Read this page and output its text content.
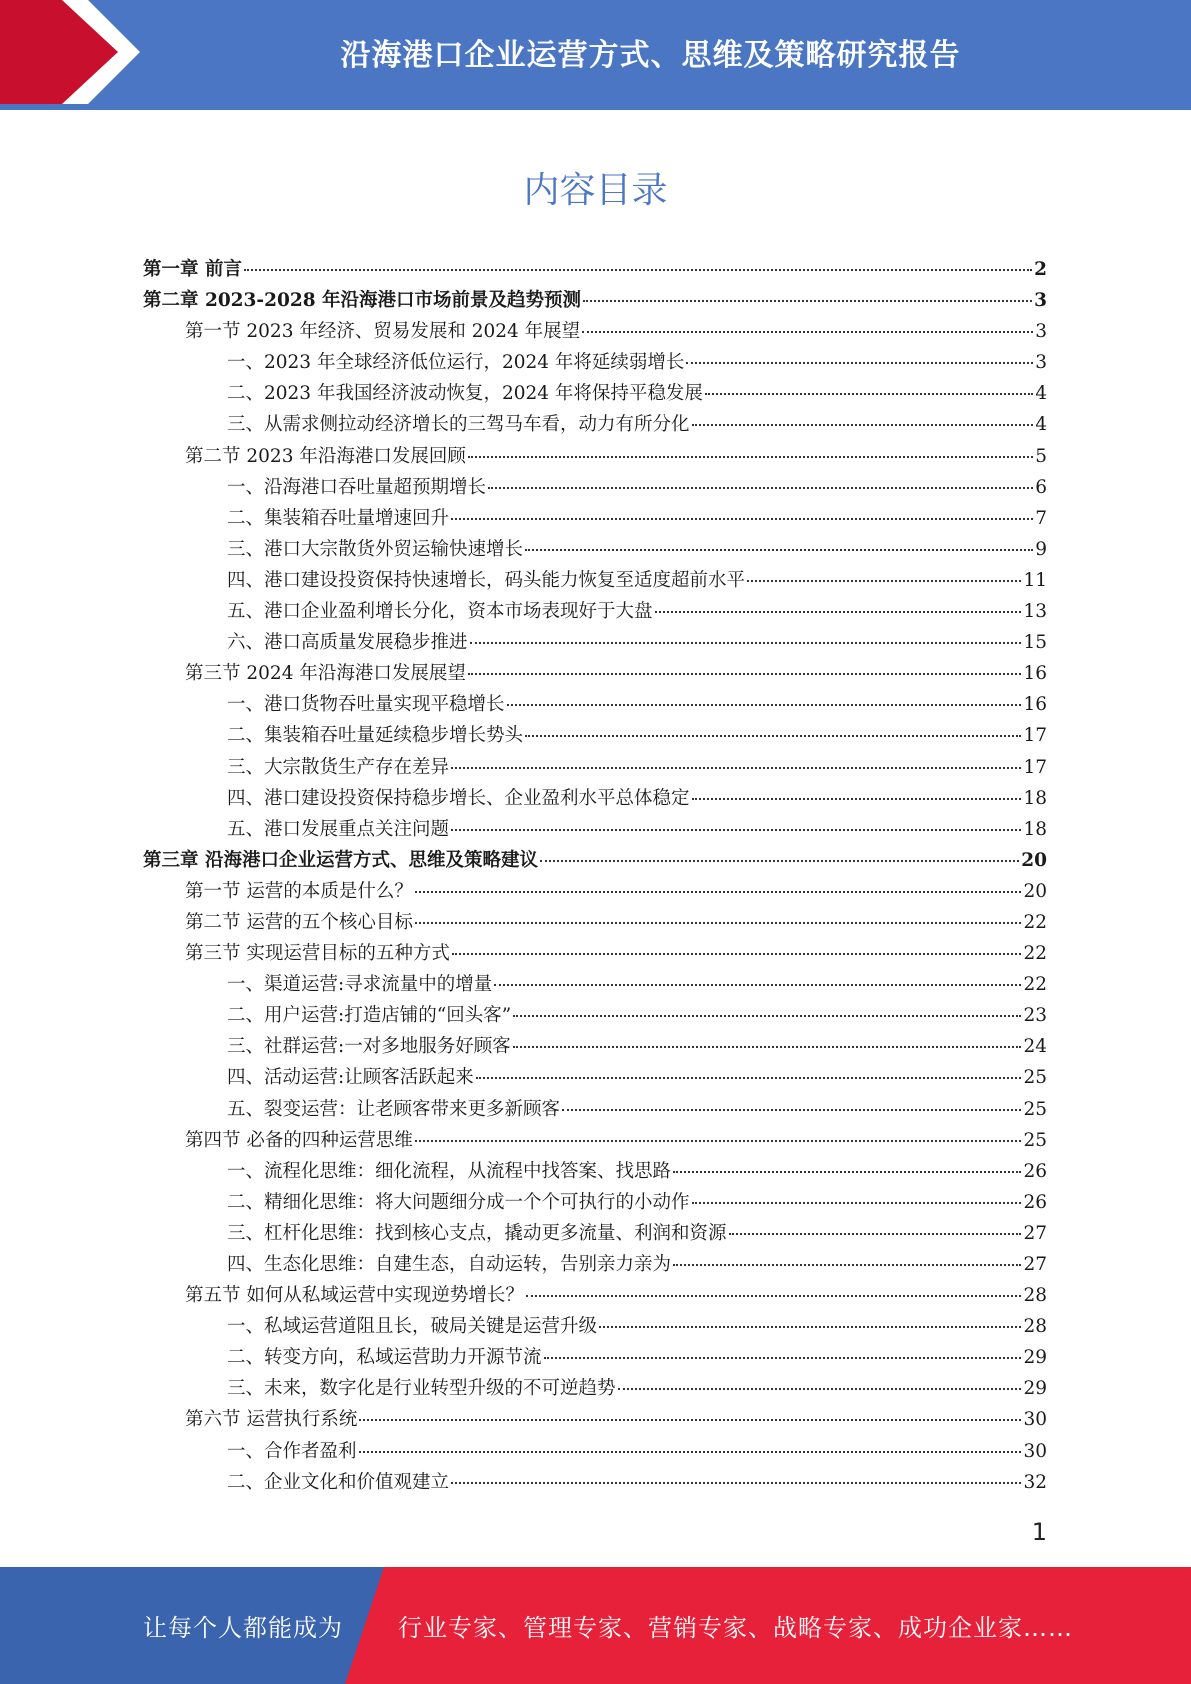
沿海港口企业运营方式、思维及策略研究报告
内容目录
第一章 前言	2
第二章 2023-2028 年沿海港口市场前景及趋势预测	3
第一节 2023 年经济、贸易发展和 2024 年展望	3
一、2023 年全球经济低位运行，2024 年将延续弱增长	3
二、2023 年我国经济波动恢复，2024 年将保持平稳发展	4
三、从需求侧拉动经济增长的三驾马车看，动力有所分化	4
第二节 2023 年沿海港口发展回顾	5
一、沿海港口吞吐量超预期增长	6
二、集装箱吞吐量增速回升	7
三、港口大宗散货外贸运输快速增长	9
四、港口建设投资保持快速增长，码头能力恢复至适度超前水平	11
五、港口企业盈利增长分化，资本市场表现好于大盘	13
六、港口高质量发展稳步推进	15
第三节 2024 年沿海港口发展展望	16
一、港口货物吞吐量实现平稳增长	16
二、集装箱吞吐量延续稳步增长势头	17
三、大宗散货生产存在差异	17
四、港口建设投资保持稳步增长、企业盈利水平总体稳定	18
五、港口发展重点关注问题	18
第三章 沿海港口企业运营方式、思维及策略建议	20
第一节 运营的本质是什么？	20
第二节 运营的五个核心目标	22
第三节 实现运营目标的五种方式	22
一、渠道运营:寻求流量中的增量	22
二、用户运营:打造店铺的“回头客”	23
三、社群运营:一对多地服务好顾客	24
四、活动运营:让顾客活跃起来	25
五、裂变运营：让老顾客带来更多新顾客	25
第四节 必备的四种运营思维	25
一、流程化思维：细化流程，从流程中找答案、找思路	26
二、精细化思维：将大问题细分成一个个可执行的小动作	26
三、杠杆化思维：找到核心支点，撬动更多流量、利润和资源	27
四、生态化思维：自建生态，自动运转，告别亲力亲为	27
第五节 如何从私域运营中实现逆势增长？	28
一、私域运营道阻且长，破局关键是运营升级	28
二、转变方向，私域运营助力开源节流	29
三、未来，数字化是行业转型升级的不可逆趋势	29
第六节 运营执行系统	30
一、合作者盈利	30
二、企业文化和价值观建立	32
1
让每个人都能成为 行业专家、管理专家、营销专家、战略专家、成功企业家……
